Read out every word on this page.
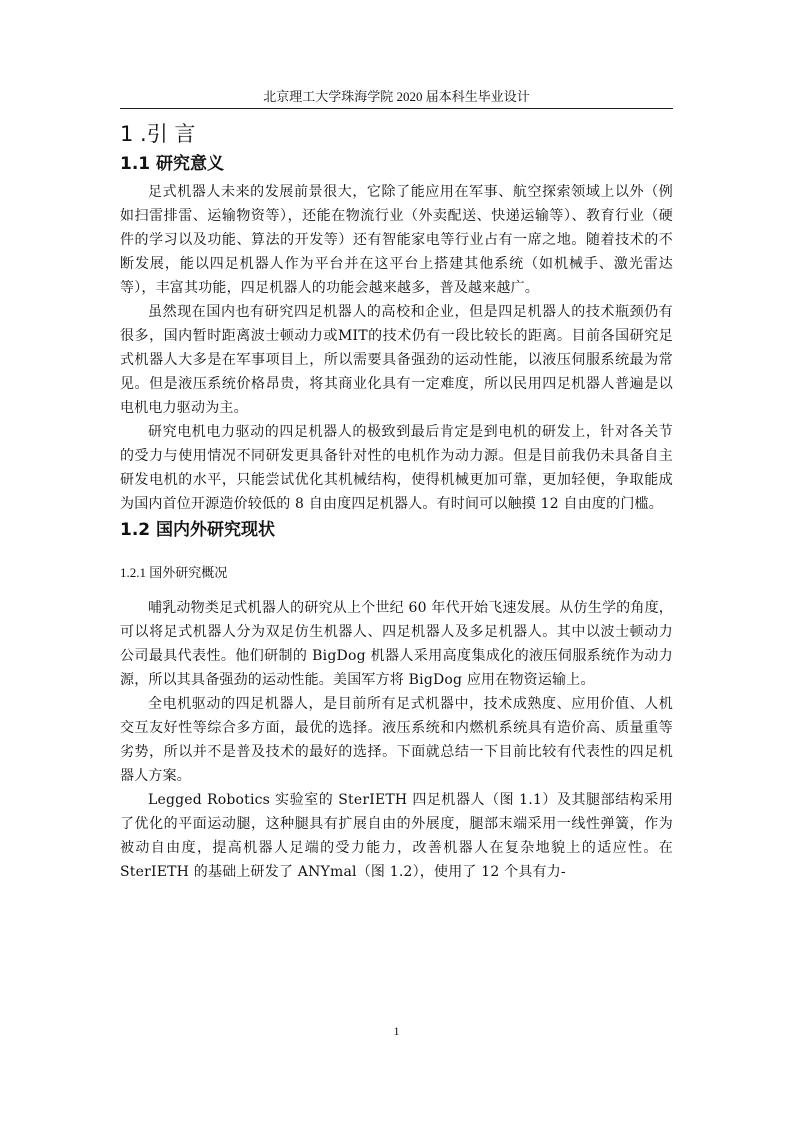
北京理工大学珠海学院 2020 届本科生毕业设计
1 .引 言
1.1 研究意义

足式机器人未来的发展前景很大，它除了能应用在军事、航空探索领域上以外（例如扫雷排雷、运输物资等），还能在物流行业（外卖配送、快递运输等）、教育行业（硬件的学习以及功能、算法的开发等）还有智能家电等行业占有一席之地。随着技术的不断发展，能以四足机器人作为平台并在这平台上搭建其他系统（如机械手、激光雷达等），丰富其功能，四足机器人的功能会越来越多，普及越来越广。

虽然现在国内也有研究四足机器人的高校和企业，但是四足机器人的技术瓶颈仍有很多，国内暂时距离波士顿动力或MIT的技术仍有一段比较长的距离。目前各国研究足式机器人大多是在军事项目上，所以需要具备强劲的运动性能，以液压伺服系统最为常见。但是液压系统价格昂贵，将其商业化具有一定难度，所以民用四足机器人普遍是以电机电力驱动为主。

研究电机电力驱动的四足机器人的极致到最后肯定是到电机的研发上，针对各关节的受力与使用情况不同研发更具备针对性的电机作为动力源。但是目前我仍未具备自主研发电机的水平，只能尝试优化其机械结构，使得机械更加可靠，更加轻便，争取能成为国内首位开源造价较低的 8 自由度四足机器人。有时间可以触摸 12 自由度的门槛。

1.2 国内外研究现状
1.2.1 国外研究概况

哺乳动物类足式机器人的研究从上个世纪 60 年代开始飞速发展。从仿生学的角度，可以将足式机器人分为双足仿生机器人、四足机器人及多足机器人。其中以波士顿动力公司最具代表性。他们研制的 BigDog 机器人采用高度集成化的液压伺服系统作为动力源，所以其具备强劲的运动性能。美国军方将 BigDog 应用在物资运输上。

全电机驱动的四足机器人，是目前所有足式机器中，技术成熟度、应用价值、人机交互友好性等综合多方面，最优的选择。液压系统和内燃机系统具有造价高、质量重等劣势，所以并不是普及技术的最好的选择。下面就总结一下目前比较有代表性的四足机器人方案。

Legged Robotics 实验室的 SterIETH 四足机器人（图 1.1）及其腿部结构采用了优化的平面运动腿，这种腿具有扩展自由的外展度，腿部末端采用一线性弹簧，作为被动自由度，提高机器人足端的受力能力，改善机器人在复杂地貌上的适应性。在 SterIETH 的基础上研发了 ANYmal（图 1.2），使用了 12 个具有力-

1
